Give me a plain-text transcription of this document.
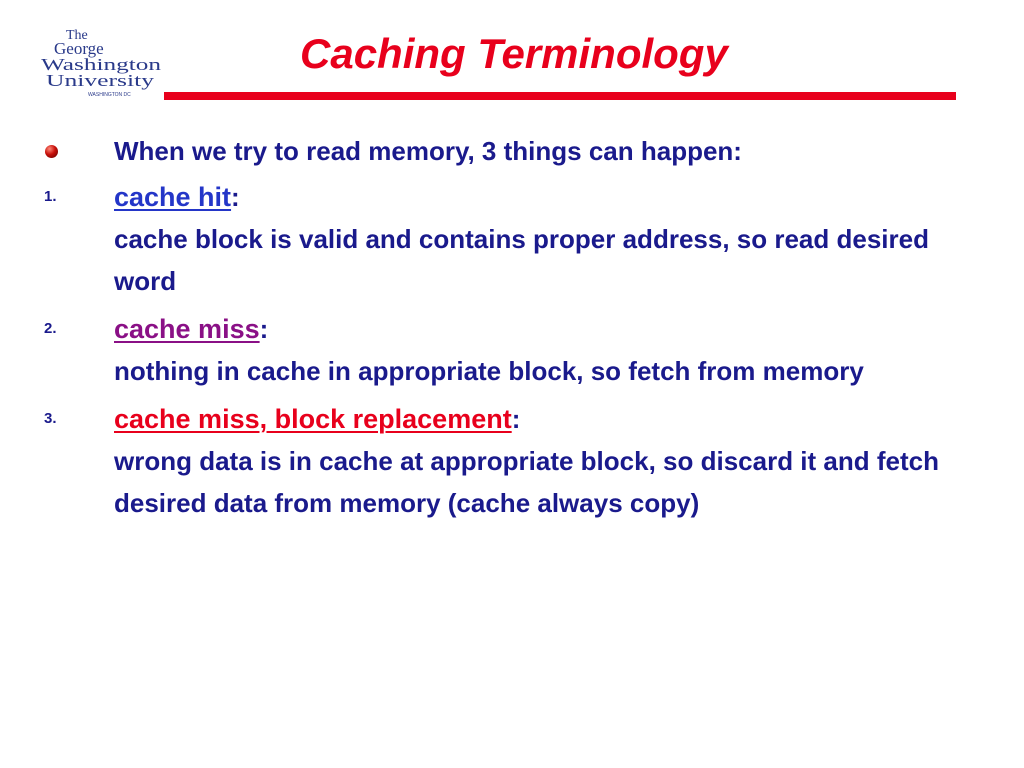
The
George
Washington
University
WASHINGTON DC
Caching Terminology
When we try to read memory, 3 things can happen:
1.	cache hit:
cache block is valid and contains proper address, so read desired word
2.	cache miss:
nothing in cache in appropriate block, so fetch from memory
3.	cache miss, block replacement:
wrong data is in cache at appropriate block, so discard it and fetch desired data from memory (cache always copy)
